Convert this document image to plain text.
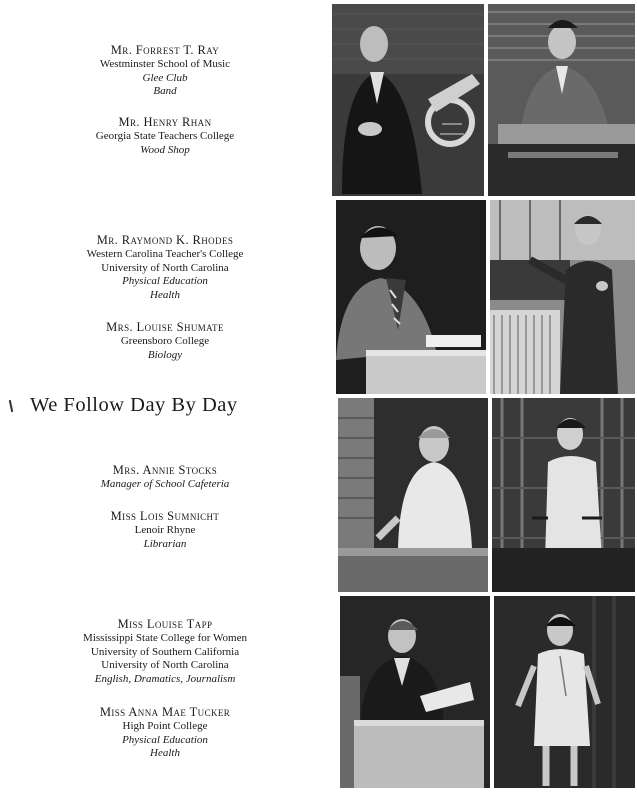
Mr. Forrest T. Ray
Westminster School of Music
Glee Club
Band
Mr. Henry Rhan
Georgia State Teachers College
Wood Shop
Mr. Raymond K. Rhodes
Western Carolina Teacher's College
University of North Carolina
Physical Education
Health
Mrs. Louise Shumate
Greensboro College
Biology
We Follow Day By Day
Mrs. Annie Stocks
Manager of School Cafeteria
Miss Lois Sumnicht
Lenoir Rhyne
Librarian
Miss Louise Tapp
Mississippi State College for Women
University of Southern California
University of North Carolina
English, Dramatics, Journalism
Miss Anna Mae Tucker
High Point College
Physical Education
Health
